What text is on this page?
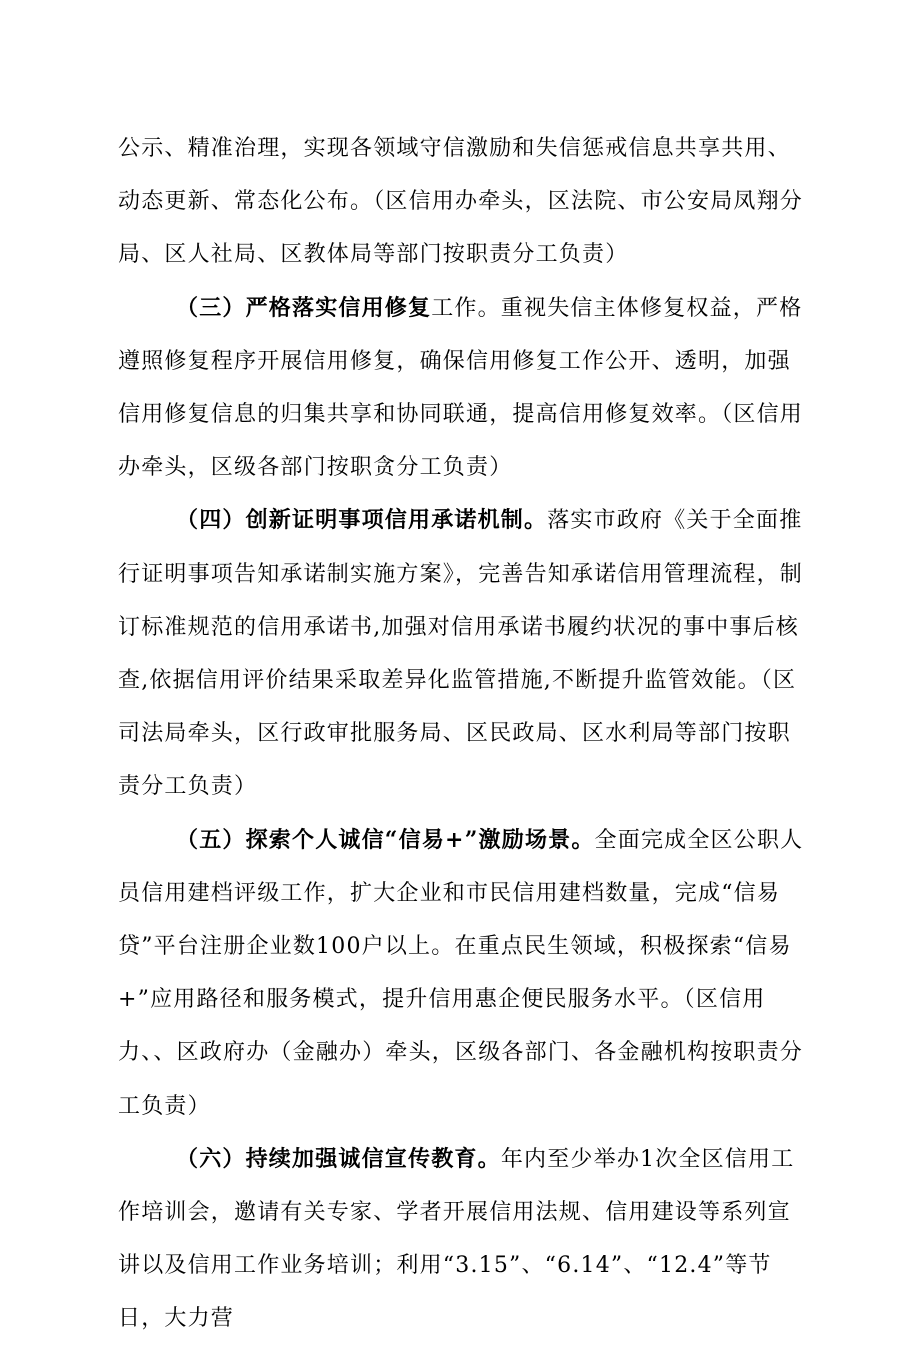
公示、精准治理，实现各领域守信激励和失信惩戒信息共享共用、动态更新、常态化公布。（区信用办牵头，区法院、市公安局凤翔分局、区人社局、区教体局等部门按职责分工负责）

（三）严格落实信用修复工作。重视失信主体修复权益，严格遵照修复程序开展信用修复，确保信用修复工作公开、透明，加强信用修复信息的归集共享和协同联通，提高信用修复效率。（区信用办牵头，区级各部门按职贪分工负责）

（四）创新证明事项信用承诺机制。落实市政府《关于全面推行证明事项告知承诺制实施方案》，完善告知承诺信用管理流程，制订标准规范的信用承诺书,加强对信用承诺书履约状况的事中事后核查,依据信用评价结果采取差异化监管措施,不断提升监管效能。（区司法局牵头，区行政审批服务局、区民政局、区水利局等部门按职责分工负责）

（五）探索个人诚信“信易+”激励场景。全面完成全区公职人员信用建档评级工作，扩大企业和市民信用建档数量，完成“信易贷”平台注册企业数100户以上。在重点民生领域，积极探索“信易+”应用路径和服务模式，提升信用惠企便民服务水平。（区信用力、、区政府办（金融办）牵头，区级各部门、各金融机构按职责分工负责）

（六）持续加强诚信宣传教育。年内至少举办1次全区信用工作培训会，邀请有关专家、学者开展信用法规、信用建设等系列宣讲以及信用工作业务培训；利用“3.15”、“6.14”、“12.4”等节日，大力营
